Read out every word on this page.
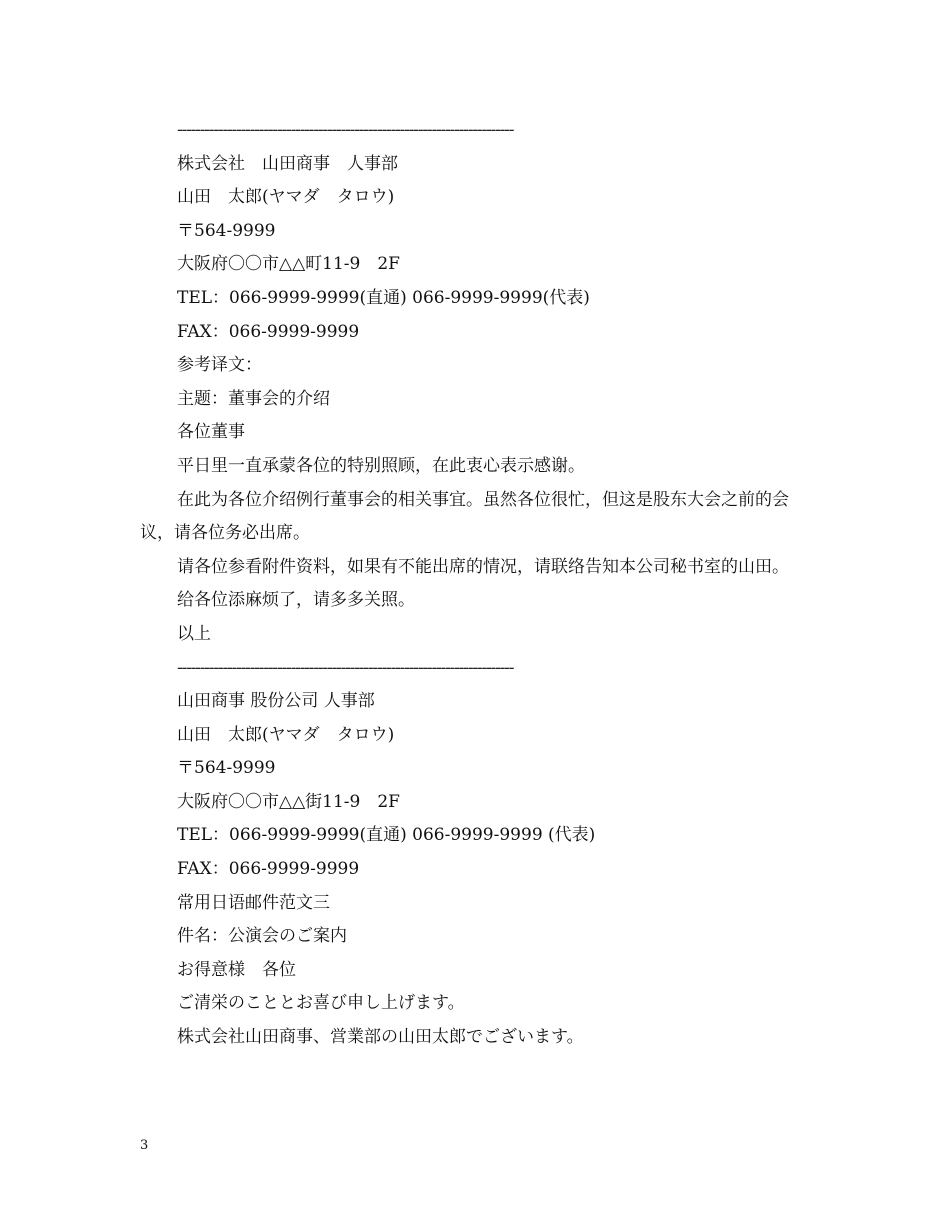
--------------------------------------------------------------------------
株式会社　山田商事　人事部
山田　太郎(ヤマダ　タロウ)
〒564-9999
大阪府〇〇市△△町11-9　2F
TEL：066-9999-9999(直通) 066-9999-9999(代表)
FAX：066-9999-9999
参考译文：
主题：董事会的介绍
各位董事
平日里一直承蒙各位的特别照顾，在此衷心表示感谢。
在此为各位介绍例行董事会的相关事宜。虽然各位很忙，但这是股东大会之前的会议，请各位务必出席。
请各位参看附件资料，如果有不能出席的情况，请联络告知本公司秘书室的山田。
给各位添麻烦了，请多多关照。
以上
--------------------------------------------------------------------------
山田商事 股份公司 人事部
山田　太郎(ヤマダ　タロウ)
〒564-9999
大阪府〇〇市△△街11-9　2F
TEL：066-9999-9999(直通) 066-9999-9999 (代表)
FAX：066-9999-9999
常用日语邮件范文三
件名：公演会のご案内
お得意様　各位
ご清栄のこととお喜び申し上げます。
株式会社山田商事、営業部の山田太郎でございます。
3
